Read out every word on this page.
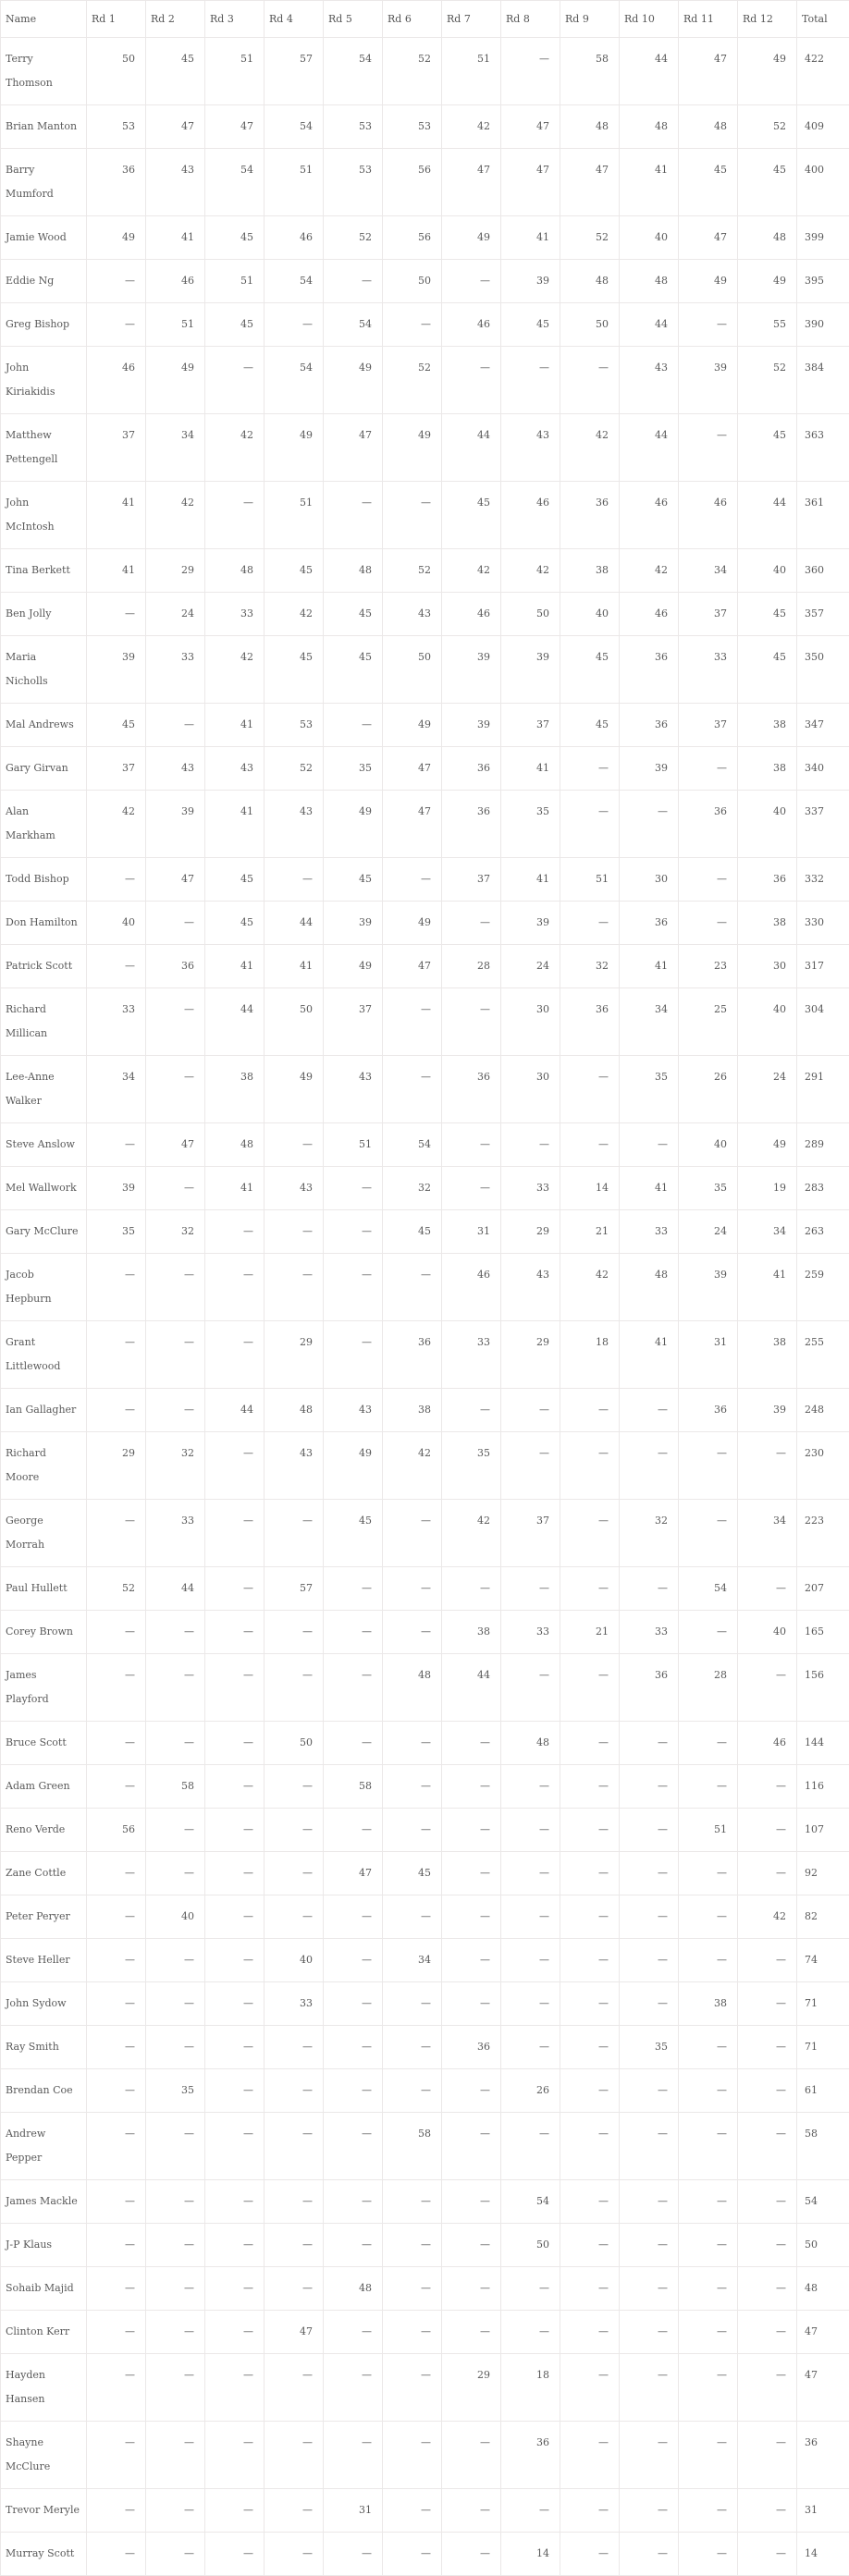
Name	Rd 1	Rd 2	Rd 3	Rd 4	Rd 5	Rd 6	Rd 7	Rd 8	Rd 9	Rd 10	Rd 11	Rd 12	Total
Terry Thomson	50	45	51	57	54	52	51	—	58	44	47	49	422
Brian Manton	53	47	47	54	53	53	42	47	48	48	48	52	409
Barry Mumford	36	43	54	51	53	56	47	47	47	41	45	45	400
Jamie Wood	49	41	45	46	52	56	49	41	52	40	47	48	399
Eddie Ng	—	46	51	54	—	50	—	39	48	48	49	49	395
Greg Bishop	—	51	45	—	54	—	46	45	50	44	—	55	390
John Kiriakidis	46	49	—	54	49	52	—	—	—	43	39	52	384
Matthew Pettengell	37	34	42	49	47	49	44	43	42	44	—	45	363
John McIntosh	41	42	—	51	—	—	45	46	36	46	46	44	361
Tina Berkett	41	29	48	45	48	52	42	42	38	42	34	40	360
Ben Jolly	—	24	33	42	45	43	46	50	40	46	37	45	357
Maria Nicholls	39	33	42	45	45	50	39	39	45	36	33	45	350
Mal Andrews	45	—	41	53	—	49	39	37	45	36	37	38	347
Gary Girvan	37	43	43	52	35	47	36	41	—	39	—	38	340
Alan Markham	42	39	41	43	49	47	36	35	—	—	36	40	337
Todd Bishop	—	47	45	—	45	—	37	41	51	30	—	36	332
Don Hamilton	40	—	45	44	39	49	—	39	—	36	—	38	330
Patrick Scott	—	36	41	41	49	47	28	24	32	41	23	30	317
Richard Millican	33	—	44	50	37	—	—	30	36	34	25	40	304
Lee-Anne Walker	34	—	38	49	43	—	36	30	—	35	26	24	291
Steve Anslow	—	47	48	—	51	54	—	—	—	—	40	49	289
Mel Wallwork	39	—	41	43	—	32	—	33	14	41	35	19	283
Gary McClure	35	32	—	—	—	45	31	29	21	33	24	34	263
Jacob Hepburn	—	—	—	—	—	—	46	43	42	48	39	41	259
Grant Littlewood	—	—	—	29	—	36	33	29	18	41	31	38	255
Ian Gallagher	—	—	44	48	43	38	—	—	—	—	36	39	248
Richard Moore	29	32	—	43	49	42	35	—	—	—	—	—	230
George Morrah	—	33	—	—	45	—	42	37	—	32	—	34	223
Paul Hullett	52	44	—	57	—	—	—	—	—	—	54	—	207
Corey Brown	—	—	—	—	—	—	38	33	21	33	—	40	165
James Playford	—	—	—	—	—	48	44	—	—	36	28	—	156
Bruce Scott	—	—	—	50	—	—	—	48	—	—	—	46	144
Adam Green	—	58	—	—	58	—	—	—	—	—	—	—	116
Reno Verde	56	—	—	—	—	—	—	—	—	—	51	—	107
Zane Cottle	—	—	—	—	47	45	—	—	—	—	—	—	92
Peter Peryer	—	40	—	—	—	—	—	—	—	—	—	42	82
Steve Heller	—	—	—	40	—	34	—	—	—	—	—	—	74
John Sydow	—	—	—	33	—	—	—	—	—	—	38	—	71
Ray Smith	—	—	—	—	—	—	36	—	—	35	—	—	71
Brendan Coe	—	35	—	—	—	—	—	26	—	—	—	—	61
Andrew Pepper	—	—	—	—	—	58	—	—	—	—	—	—	58
James Mackle	—	—	—	—	—	—	—	54	—	—	—	—	54
J-P Klaus	—	—	—	—	—	—	—	50	—	—	—	—	50
Sohaib Majid	—	—	—	—	48	—	—	—	—	—	—	—	48
Clinton Kerr	—	—	—	47	—	—	—	—	—	—	—	—	47
Hayden Hansen	—	—	—	—	—	—	29	18	—	—	—	—	47
Shayne McClure	—	—	—	—	—	—	—	36	—	—	—	—	36
Trevor Meryle	—	—	—	—	31	—	—	—	—	—	—	—	31
Murray Scott	—	—	—	—	—	—	—	14	—	—	—	—	14
